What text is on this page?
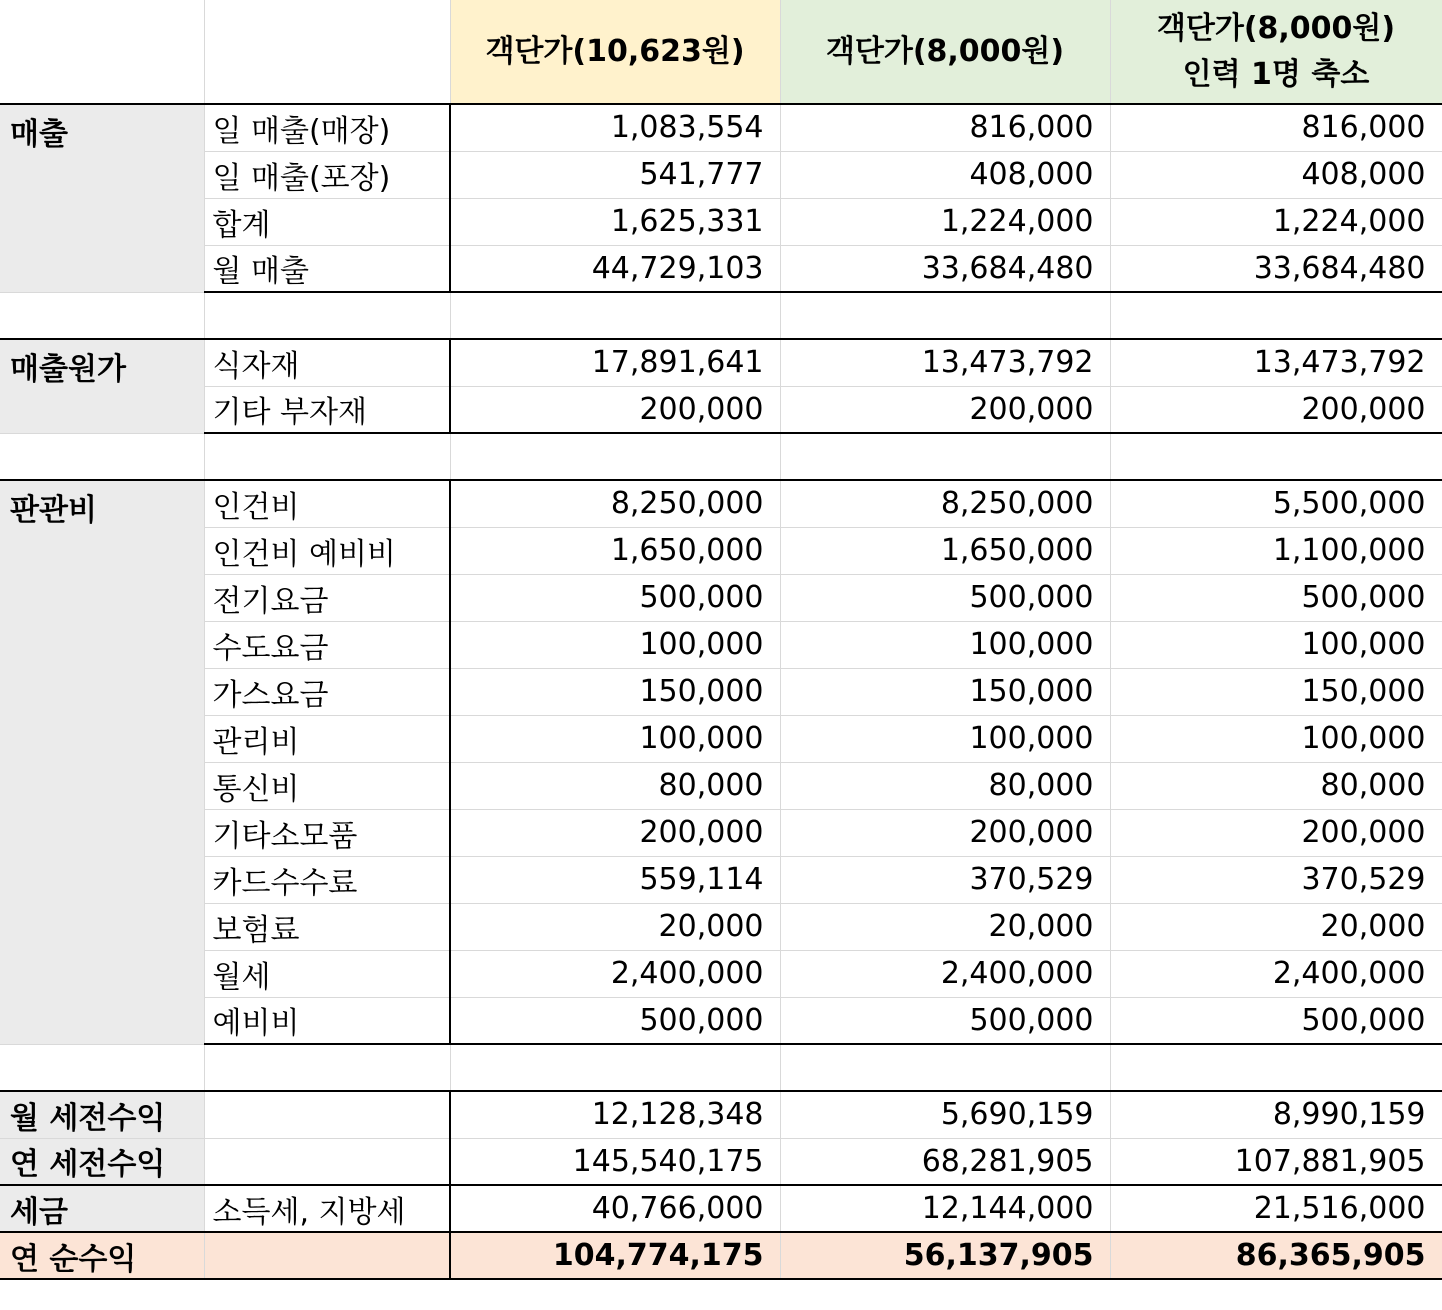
		객단가(10,623원)	객단가(8,000원)	객단가(8,000원)
인력 1명 축소
매출	일 매출(매장)	1,083,554	816,000	816,000
	일 매출(포장)	541,777	408,000	408,000
	합계	1,625,331	1,224,000	1,224,000
	월 매출	44,729,103	33,684,480	33,684,480

매출원가	식자재	17,891,641	13,473,792	13,473,792
	기타 부자재	200,000	200,000	200,000

판관비	인건비	8,250,000	8,250,000	5,500,000
	인건비 예비비	1,650,000	1,650,000	1,100,000
	전기요금	500,000	500,000	500,000
	수도요금	100,000	100,000	100,000
	가스요금	150,000	150,000	150,000
	관리비	100,000	100,000	100,000
	통신비	80,000	80,000	80,000
	기타소모품	200,000	200,000	200,000
	카드수수료	559,114	370,529	370,529
	보험료	20,000	20,000	20,000
	월세	2,400,000	2,400,000	2,400,000
	예비비	500,000	500,000	500,000

월 세전수익		12,128,348	5,690,159	8,990,159
연 세전수익		145,540,175	68,281,905	107,881,905
세금	소득세, 지방세	40,766,000	12,144,000	21,516,000
연 순수익		104,774,175	56,137,905	86,365,905
